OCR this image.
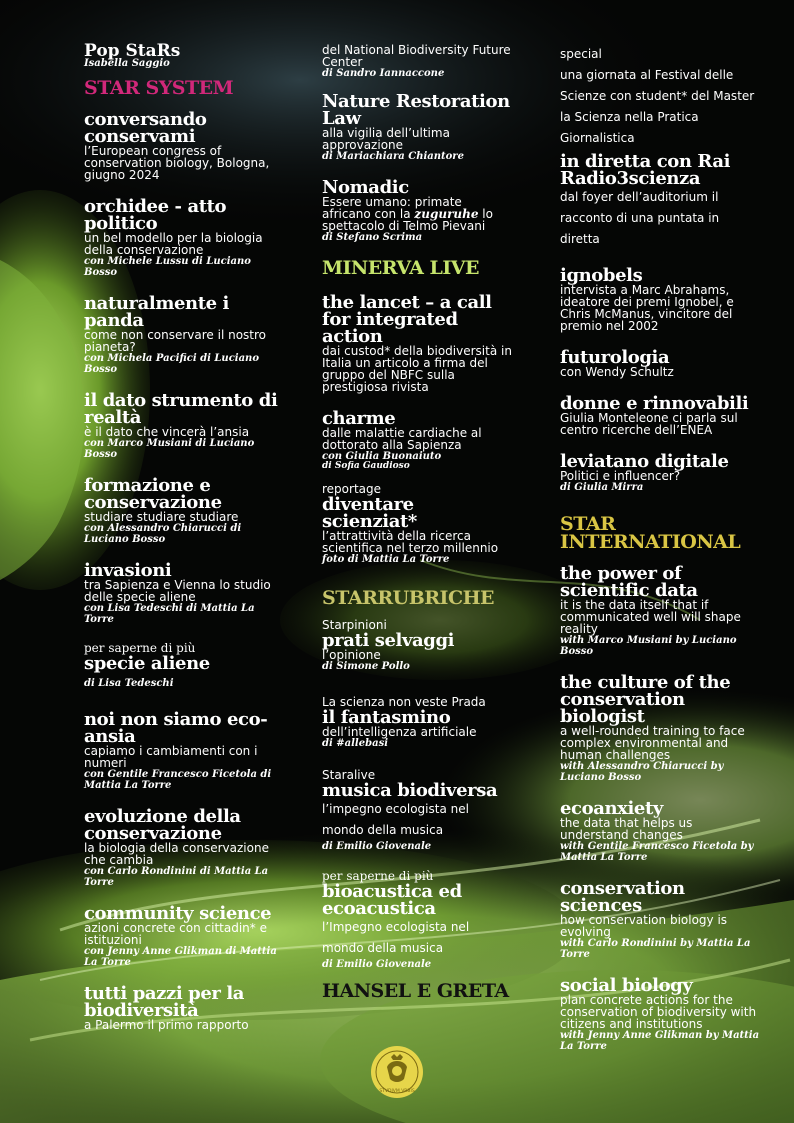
Pop StaRs
Isabella Saggio
STAR SYSTEM
conversando conservami
l’European congress of conservation biology, Bologna, giugno 2024
orchidee - atto politico
un bel modello per la biologia della conservazione
con Michele Lussu di Luciano Bosso
naturalmente i panda
come non conservare il nostro pianeta?
con Michela Pacifici di Luciano Bosso
il dato strumento di realtà
è il dato che vincerà l’ansia
con Marco Musiani di Luciano Bosso
formazione e conservazione
studiare studiare studiare
con Alessandro Chiarucci di Luciano Bosso
invasioni
tra Sapienza e Vienna lo studio delle specie aliene
con Lisa Tedeschi di Mattia La Torre
per saperne di più
specie aliene
di Lisa Tedeschi
noi non siamo eco-ansia
capiamo i cambiamenti con i numeri
con Gentile Francesco Ficetola di Mattia La Torre
evoluzione della conservazione
la biologia della conservazione che cambia
con Carlo Rondinini di Mattia La Torre
community science
azioni concrete con cittadin* e istituzioni
con Jenny Anne Glikman di Mattia La Torre
tutti pazzi per la biodiversità
a Palermo il primo rapporto
del National Biodiversity Future Center
di Sandro Iannaccone
Nature Restoration Law
alla vigilia dell’ultima approvazione
di Mariachiara Chiantore
Nomadic
Essere umano: primate africano con la zuguruhe lo spettacolo di Telmo Pievani
di Stefano Scrima
MINERVA LIVE
the lancet – a call for integrated action
dai custod* della biodiversità in Italia un articolo a firma del gruppo del NBFC sulla prestigiosa rivista
charme
dalle malattie cardiache al dottorato alla Sapienza
con Giulia Buonaiuto
di Sofia Gaudioso
reportage
diventare scienziat*
l’attrattività della ricerca scientifica nel terzo millennio
foto di Mattia La Torre
STARRUBRICHE
Starpinioni
prati selvaggi
l’opinione
di Simone Pollo
La scienza non veste Prada
il fantasmino
dell’intelligenza artificiale
di #allebasi
Staralive
musica biodiversa
l’impegno ecologista nel mondo della musica
di Emilio Giovenale
per saperne di più
bioacustica ed ecoacustica
l’Impegno ecologista nel mondo della musica
di Emilio Giovenale
HANSEL E GRETA
special
una giornata al Festival delle Scienze con student* del Master la Scienza nella Pratica Giornalistica
in diretta con Rai Radio3scienza
dal foyer dell’auditorium il racconto di una puntata in diretta
ignobels
intervista a Marc Abrahams, ideatore dei premi Ignobel, e Chris McManus, vincitore del premio nel 2002
futurologia
con Wendy Schultz
donne e rinnovabili
Giulia Monteleone ci parla sul centro ricerche dell’ENEA
leviatano digitale
Politici e influencer?
di Giulia Mirra
STAR INTERNATIONAL
the power of scientific data
it is the data itself that if communicated well will shape reality
with Marco Musiani by Luciano Bosso
the culture of the conservation biologist
a well-rounded training to face complex environmental and human challenges
with Alessandro Chiarucci by Luciano Bosso
ecoanxiety
the data that helps us understand changes
with Gentile Francesco Ficetola by Mattia La Torre
conservation sciences
how conservation biology is evolving
with Carlo Rondinini by Mattia La Torre
social biology
plan concrete actions for the conservation of biodiversity with citizens and institutions
with Jenny Anne Glikman by Mattia La Torre
STVDIVM VRBIS
